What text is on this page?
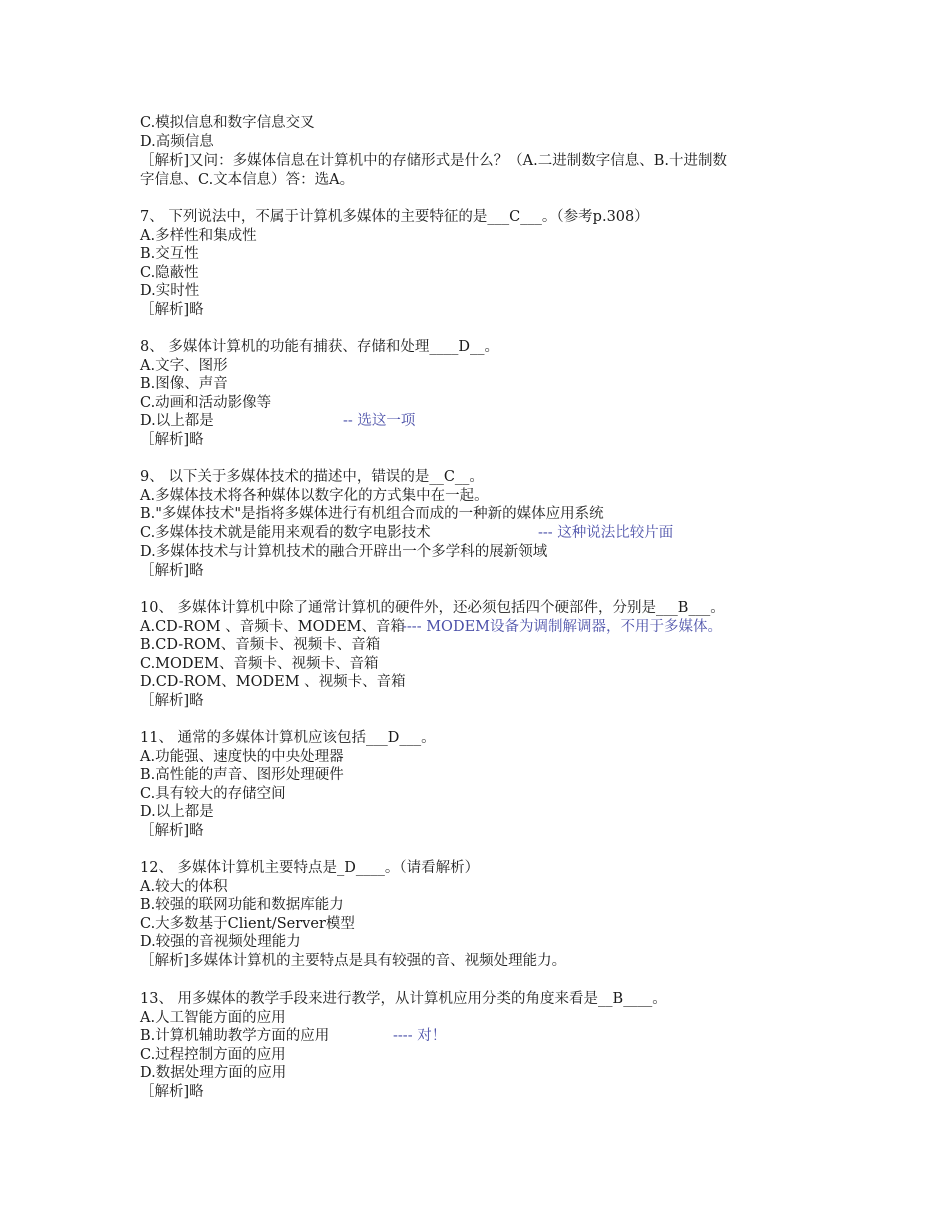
C.模拟信息和数字信息交叉
D.高频信息
［解析]又问：多媒体信息在计算机中的存储形式是什么？（A.二进制数字信息、B.十进制数
字信息、C.文本信息）答：选A。
7、 下列说法中，不属于计算机多媒体的主要特征的是___C___。（参考p.308）
A.多样性和集成性
B.交互性
C.隐蔽性
D.实时性
［解析]略
8、 多媒体计算机的功能有捕获、存储和处理____D__。
A.文字、图形
B.图像、声音
C.动画和活动影像等
D.以上都是	-- 选这一项
［解析]略
9、 以下关于多媒体技术的描述中，错误的是__C__。
A.多媒体技术将各种媒体以数字化的方式集中在一起。
B."多媒体技术"是指将多媒体进行有机组合而成的一种新的媒体应用系统
C.多媒体技术就是能用来观看的数字电影技术	--- 这种说法比较片面
D.多媒体技术与计算机技术的融合开辟出一个多学科的展新领域
［解析]略
10、 多媒体计算机中除了通常计算机的硬件外，还必须包括四个硬部件，分别是___B___。
A.CD-ROM 、音频卡、MODEM、音箱
---- MODEM设备为调制解调器，不用于多媒体。
B.CD-ROM、音频卡、视频卡、音箱
C.MODEM、音频卡、视频卡、音箱
D.CD-ROM、MODEM 、视频卡、音箱
［解析]略
11、 通常的多媒体计算机应该包括___D___。
A.功能强、速度快的中央处理器
B.高性能的声音、图形处理硬件
C.具有较大的存储空间
D.以上都是
［解析]略
12、 多媒体计算机主要特点是_D____。（请看解析）
A.较大的体积
B.较强的联网功能和数据库能力
C.大多数基于Client/Server模型
D.较强的音视频处理能力
［解析]多媒体计算机的主要特点是具有较强的音、视频处理能力。
13、 用多媒体的教学手段来进行教学，从计算机应用分类的角度来看是__B____。
A.人工智能方面的应用
B.计算机辅助教学方面的应用	---- 对！
C.过程控制方面的应用
D.数据处理方面的应用
［解析]略
